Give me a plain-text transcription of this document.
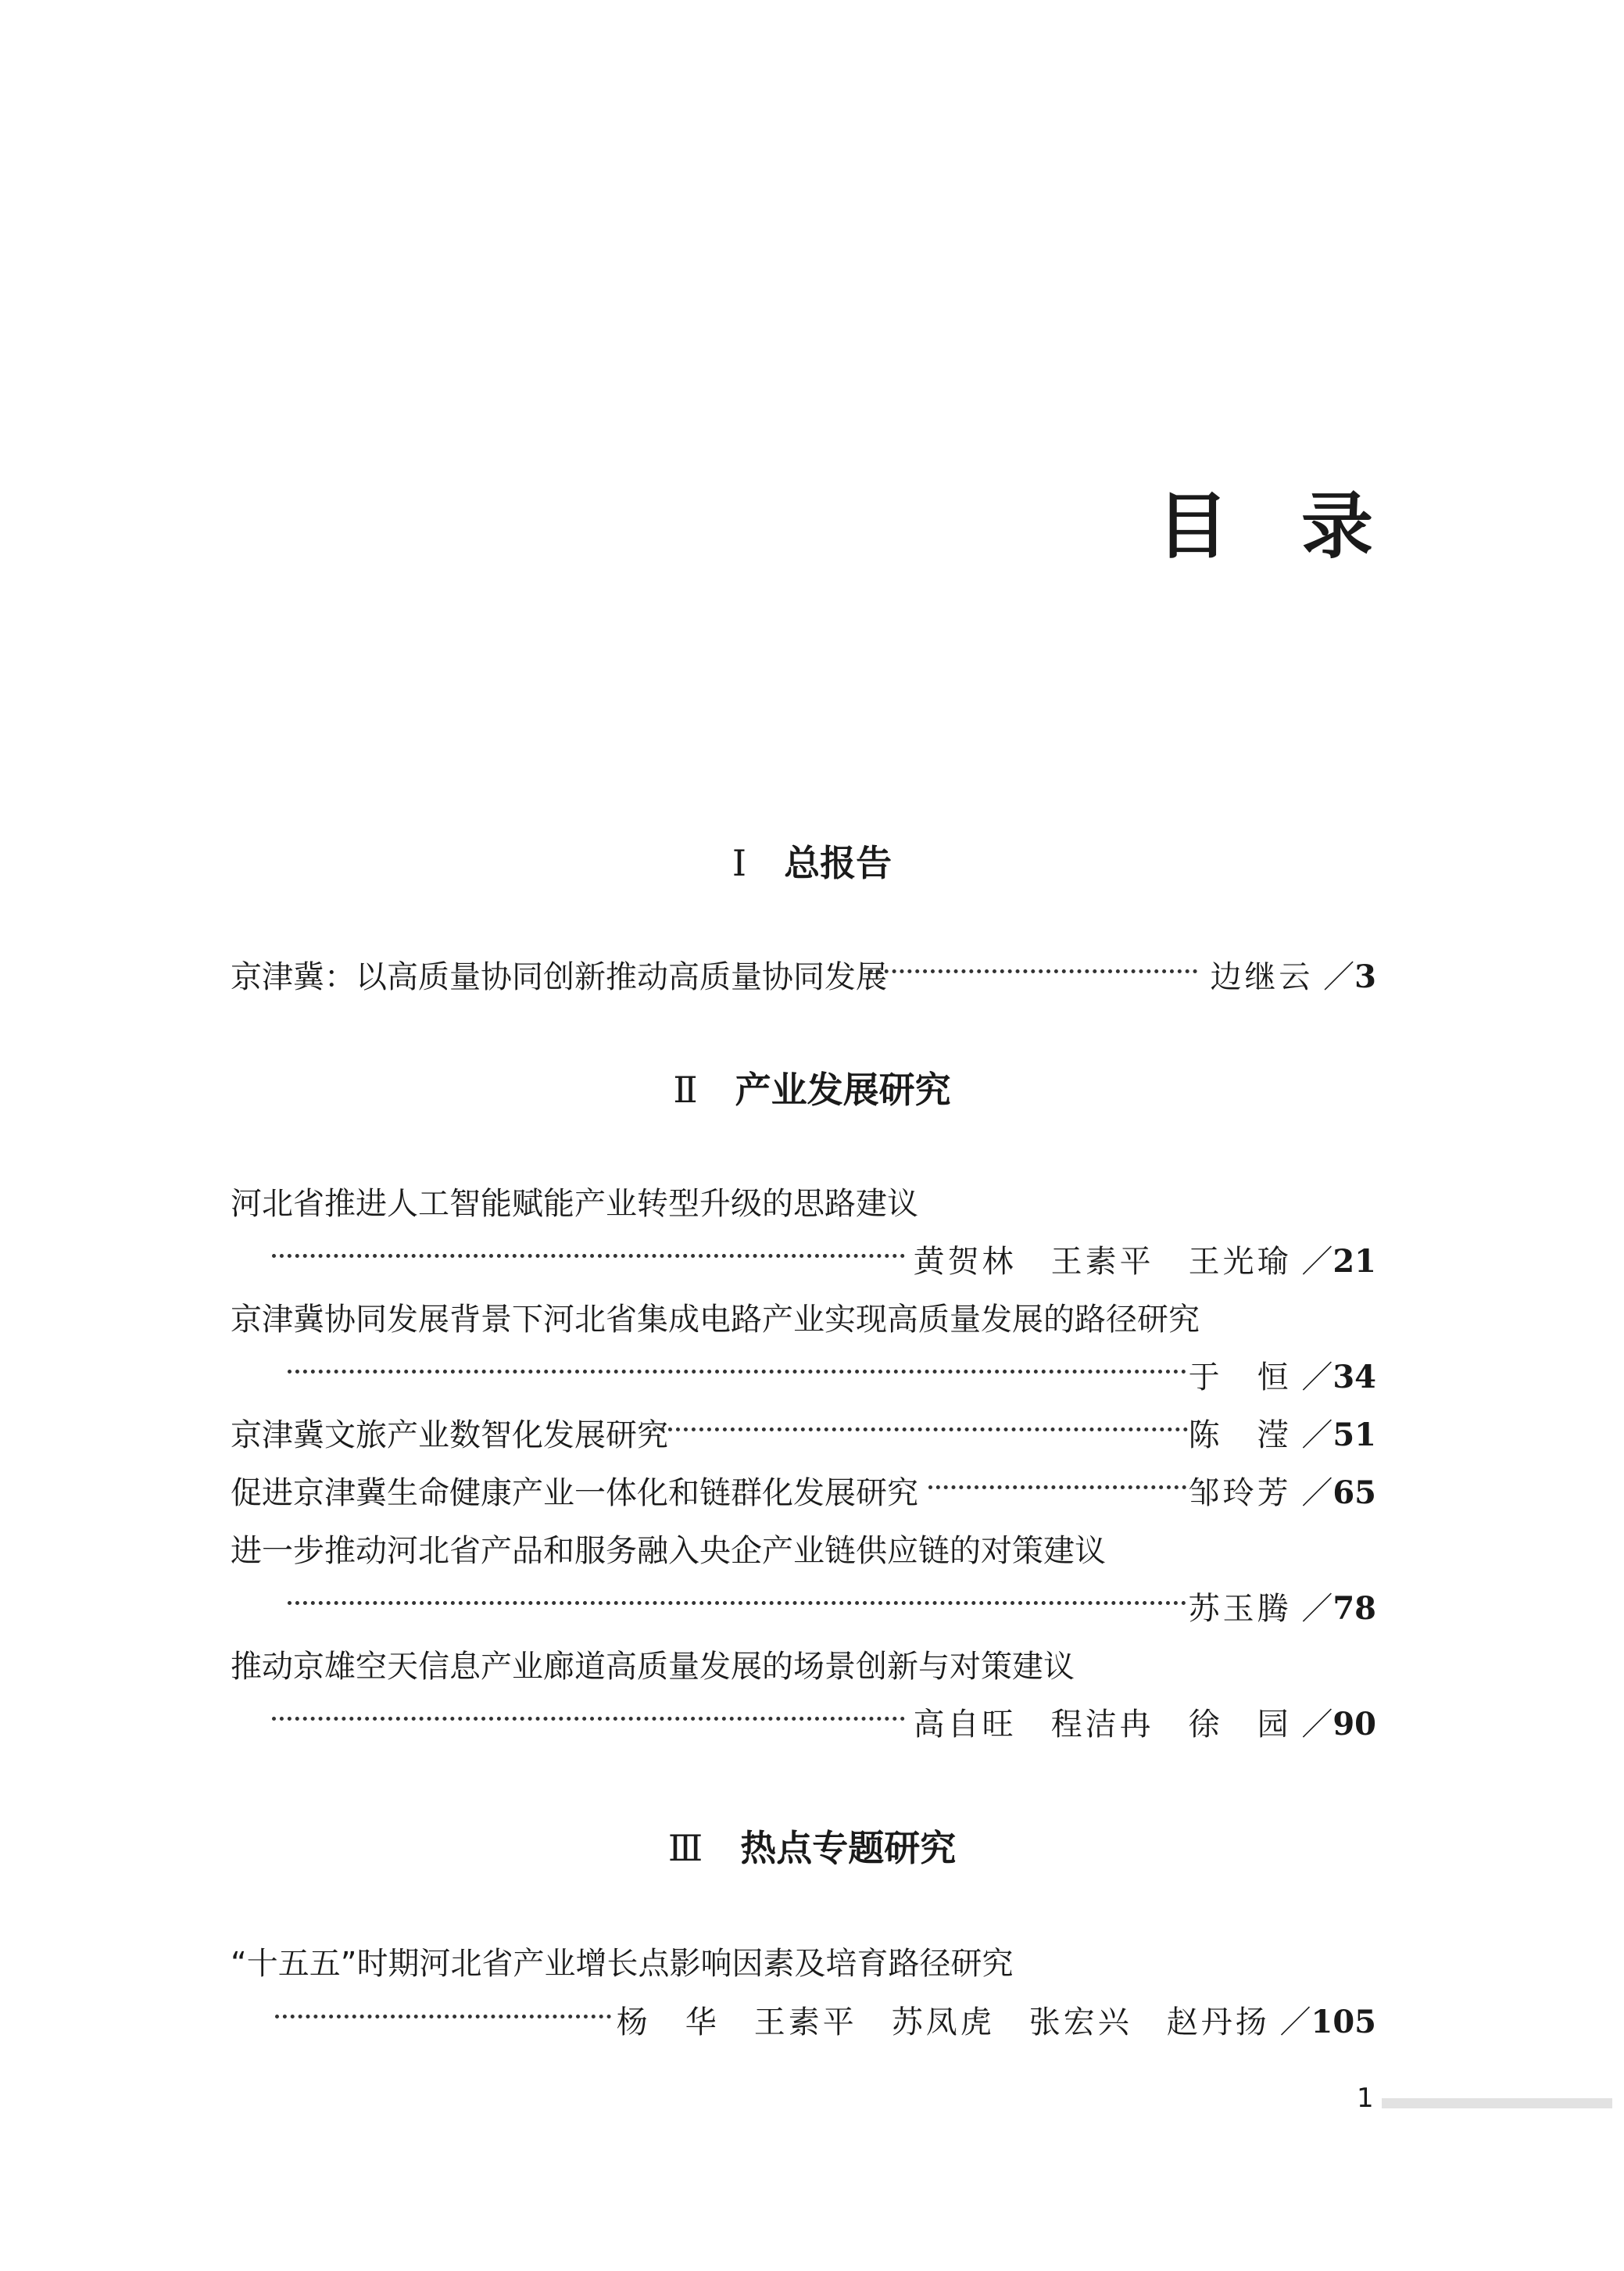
目 录
Ⅰ 总报告
京津冀：以高质量协同创新推动高质量协同发展	边继云 ／3
Ⅱ 产业发展研究
河北省推进人工智能赋能产业转型升级的思路建议
黄贺林　王素平　王光瑜 ／21
京津冀协同发展背景下河北省集成电路产业实现高质量发展的路径研究
于　恒 ／34
京津冀文旅产业数智化发展研究	陈　滢 ／51
促进京津冀生命健康产业一体化和链群化发展研究	邹玲芳 ／65
进一步推动河北省产品和服务融入央企产业链供应链的对策建议
苏玉腾 ／78
推动京雄空天信息产业廊道高质量发展的场景创新与对策建议
高自旺　程洁冉　徐　园 ／90
Ⅲ 热点专题研究
“十五五”时期河北省产业增长点影响因素及培育路径研究
杨　华　王素平　苏凤虎　张宏兴　赵丹扬 ／105
1
